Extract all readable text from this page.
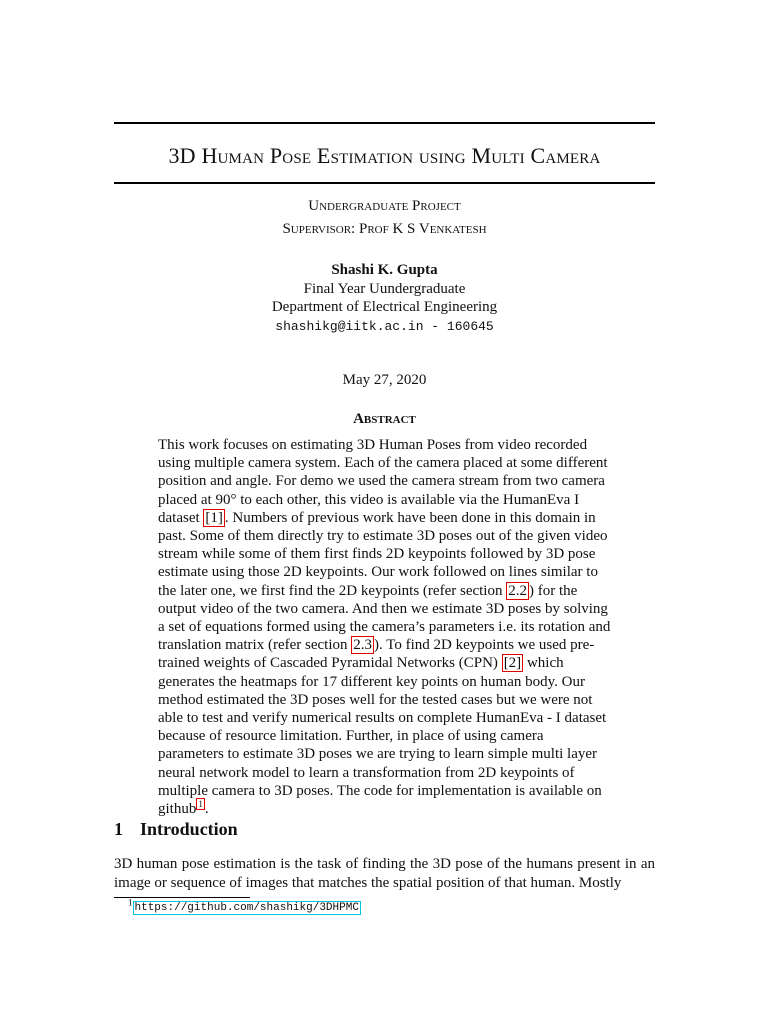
3D Human Pose Estimation using Multi Camera
Undergraduate Project
Supervisor: Prof K S Venkatesh
Shashi K. Gupta
Final Year Uundergraduate
Department of Electrical Engineering
shashikg@iitk.ac.in - 160645
May 27, 2020
Abstract

This work focuses on estimating 3D Human Poses from video recorded using multiple camera system. Each of the camera placed at some different position and angle. For demo we used the camera stream from two camera placed at 90° to each other, this video is available via the HumanEva I dataset [1] . Numbers of previous work have been done in this domain in past. Some of them directly try to estimate 3D poses out of the given video stream while some of them first finds 2D keypoints followed by 3D pose estimate using those 2D keypoints. Our work followed on lines similar to the later one, we first find the 2D keypoints (refer section 2.2 ) for the output video of the two camera. And then we estimate 3D poses by solving a set of equations formed using the camera’s parameters i.e. its rotation and translation matrix (refer section 2.3 ). To find 2D keypoints we used pre-trained weights of Cascaded Pyramidal Networks (CPN) [2] which generates the heatmaps for 17 different key points on human body. Our method estimated the 3D poses well for the tested cases but we were not able to test and verify numerical results on complete HumanEva - I dataset because of resource limitation. Further, in place of using camera parameters to estimate 3D poses we are trying to learn simple multi layer neural network model to learn a transformation from 2D keypoints of multiple camera to 3D poses. The code for implementation is available on github $^1$ .

1 Introduction
3D human pose estimation is the task of finding the 3D pose of the humans present in an image or sequence of images that matches the spatial position of that human. Mostly
$^1$ https://github.com/shashikg/3DHPMC
